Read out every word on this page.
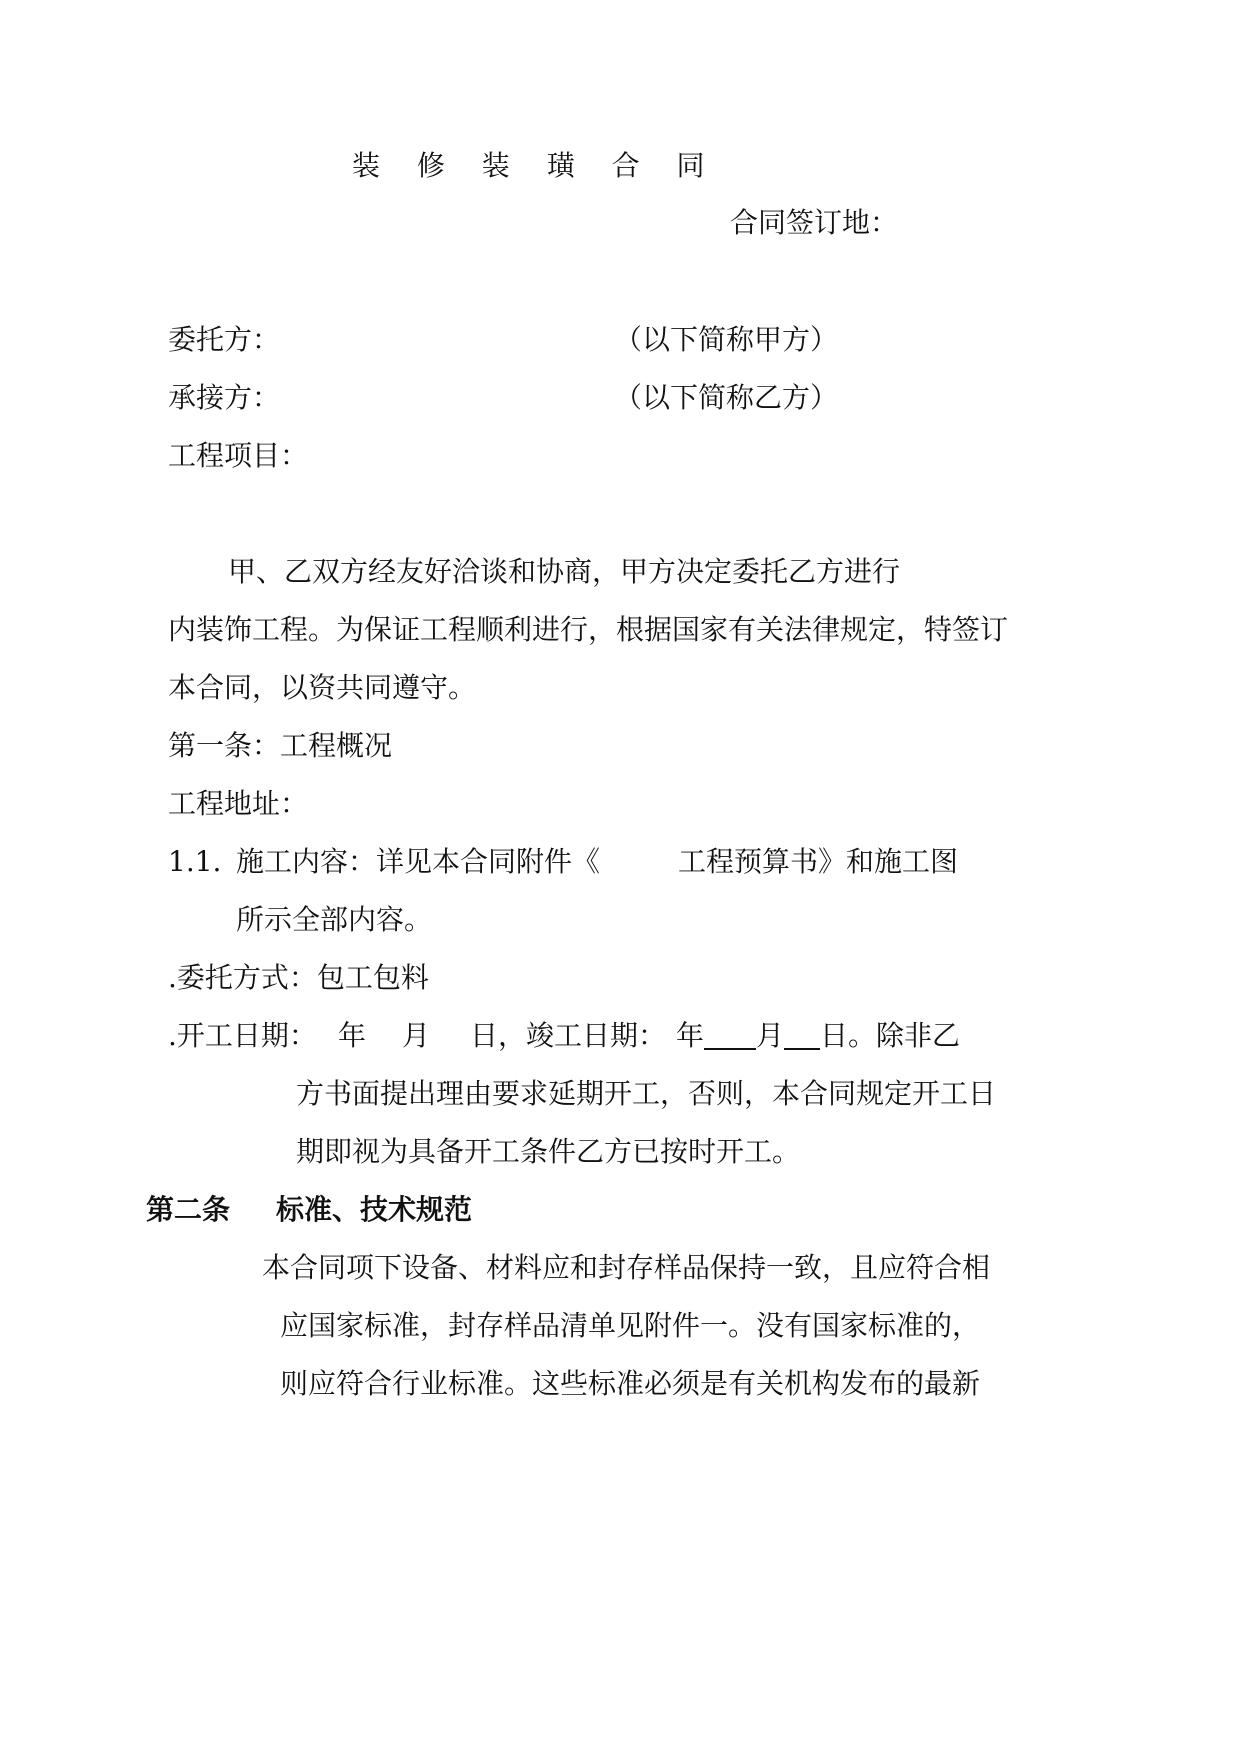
装 修 装 璜 合 同
合同签订地：
委托方：	（以下简称甲方）
承接方：	（以下简称乙方）
工程项目：
甲、乙双方经友好洽谈和协商，甲方决定委托乙方进行
内装饰工程。为保证工程顺利进行，根据国家有关法律规定，特签订
本合同，以资共同遵守。
第一条：工程概况
工程地址：
1.1. 施工内容：详见本合同附件《	工程预算书》和施工图
所示全部内容。
.委托方式：包工包料
.开工日期： 年 月 日，竣工日期： 年 月 日。除非乙
方书面提出理由要求延期开工，否则，本合同规定开工日
期即视为具备开工条件乙方已按时开工。
第二条 标准、技术规范
本合同项下设备、材料应和封存样品保持一致，且应符合相
应国家标准，封存样品清单见附件一。没有国家标准的，
则应符合行业标准。这些标准必须是有关机构发布的最新
